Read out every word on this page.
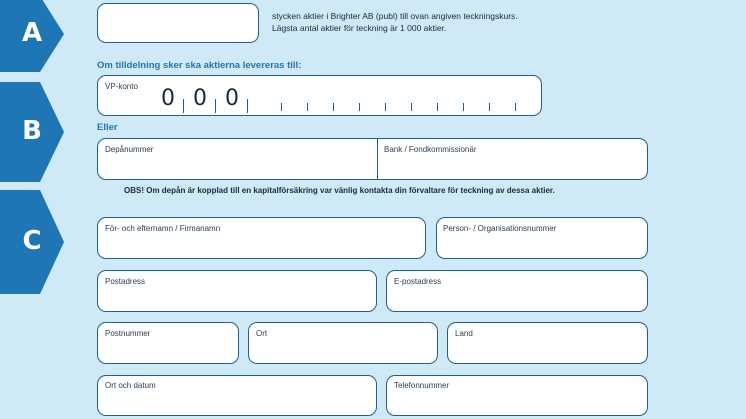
A
B
C
stycken aktier i Brighter AB (publ) till ovan angiven teckningskurs.
Lägsta antal aktier för teckning är 1 000 aktier.
Om tilldelning sker ska aktierna levereras till:
VP-konto 0 0 0
Eller
Depånummer	Bank / Fondkommissionär
OBS! Om depån är kopplad till en kapitalförsäkring var vänlig kontakta din förvaltare för teckning av dessa aktier.
För- och efternamn / Firmanamn	Person- / Organisationsnummer
Postadress	E-postadress
Postnummer	Ort	Land
Ort och datum	Telefonnummer
